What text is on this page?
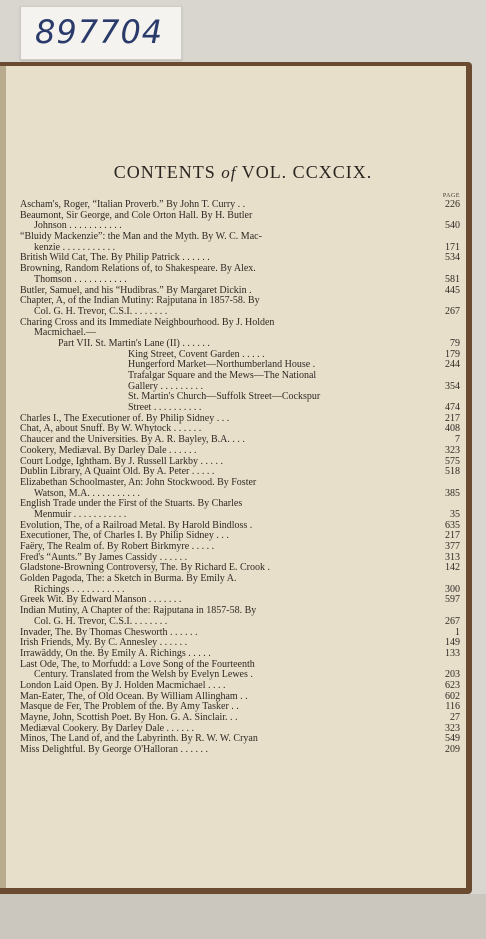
897704
CONTENTS of VOL. CCXCIX.
PAGE
Ascham's, Roger, “Italian Proverb.” By John T. Curry . .	226
Beaumont, Sir George, and Cole Orton Hall. By H. Butler
Johnson . . . . . . . . . . .	540
“Bluidy Mackenzie”: the Man and the Myth. By W. C. Mac-
kenzie . . . . . . . . . . .	171
British Wild Cat, The. By Philip Patrick . . . . . .	534
Browning, Random Relations of, to Shakespeare. By Alex.
Thomson . . . . . . . . . . .	581
Butler, Samuel, and his “Hudibras.” By Margaret Dickin .	445
Chapter, A, of the Indian Mutiny: Rajputana in 1857-58. By
Col. G. H. Trevor, C.S.I. . . . . . . .	267
Charing Cross and its Immediate Neighbourhood. By J. Holden
Macmichael.—
Part VII. St. Martin's Lane (II) . . . . . .	79
King Street, Covent Garden . . . . .	179
Hungerford Market—Northumberland House .	244
Trafalgar Square and the Mews—The National
Gallery . . . . . . . . .	354
St. Martin's Church—Suffolk Street—Cockspur
Street . . . . . . . . . .	474
Charles I., The Executioner of. By Philip Sidney . . .	217
Chat, A, about Snuff. By W. Whytock . . . . . .	408
Chaucer and the Universities. By A. R. Bayley, B.A. . . .	7
Cookery, Mediæval. By Darley Dale . . . . . .	323
Court Lodge, Ightham. By J. Russell Larkby . . . . .	575
Dublin Library, A Quaint Old. By A. Peter . . . . .	518
Elizabethan Schoolmaster, An: John Stockwood. By Foster
Watson, M.A. . . . . . . . . . .	385
English Trade under the First of the Stuarts. By Charles
Menmuir . . . . . . . . . . .	35
Evolution, The, of a Railroad Metal. By Harold Bindloss .	635
Executioner, The, of Charles I. By Philip Sidney . . .	217
Faëry, The Realm of. By Robert Birkmyre . . . . .	377
Fred's “Aunts.” By James Cassidy . . . . . .	313
Gladstone-Browning Controversy, The. By Richard E. Crook .	142
Golden Pagoda, The: a Sketch in Burma. By Emily A.
Richings . . . . . . . . . . .	300
Greek Wit. By Edward Manson . . . . . . .	597
Indian Mutiny, A Chapter of the: Rajputana in 1857-58. By
Col. G. H. Trevor, C.S.I. . . . . . . .	267
Invader, The. By Thomas Chesworth . . . . . .	1
Irish Friends, My. By C. Annesley . . . . . .	149
Irrawäddy, On the. By Emily A. Richings . . . . .	133
Last Ode, The, to Morfudd: a Love Song of the Fourteenth
Century. Translated from the Welsh by Evelyn Lewes .	203
London Laid Open. By J. Holden Macmichael . . . .	623
Man-Eater, The, of Old Ocean. By William Allingham . .	602
Masque de Fer, The Problem of the. By Amy Tasker . .	116
Mayne, John, Scottish Poet. By Hon. G. A. Sinclair. . .	27
Mediæval Cookery. By Darley Dale . . . . . .	323
Minos, The Land of, and the Labyrinth. By R. W. W. Cryan	549
Miss Delightful. By George O'Halloran . . . . . .	209
